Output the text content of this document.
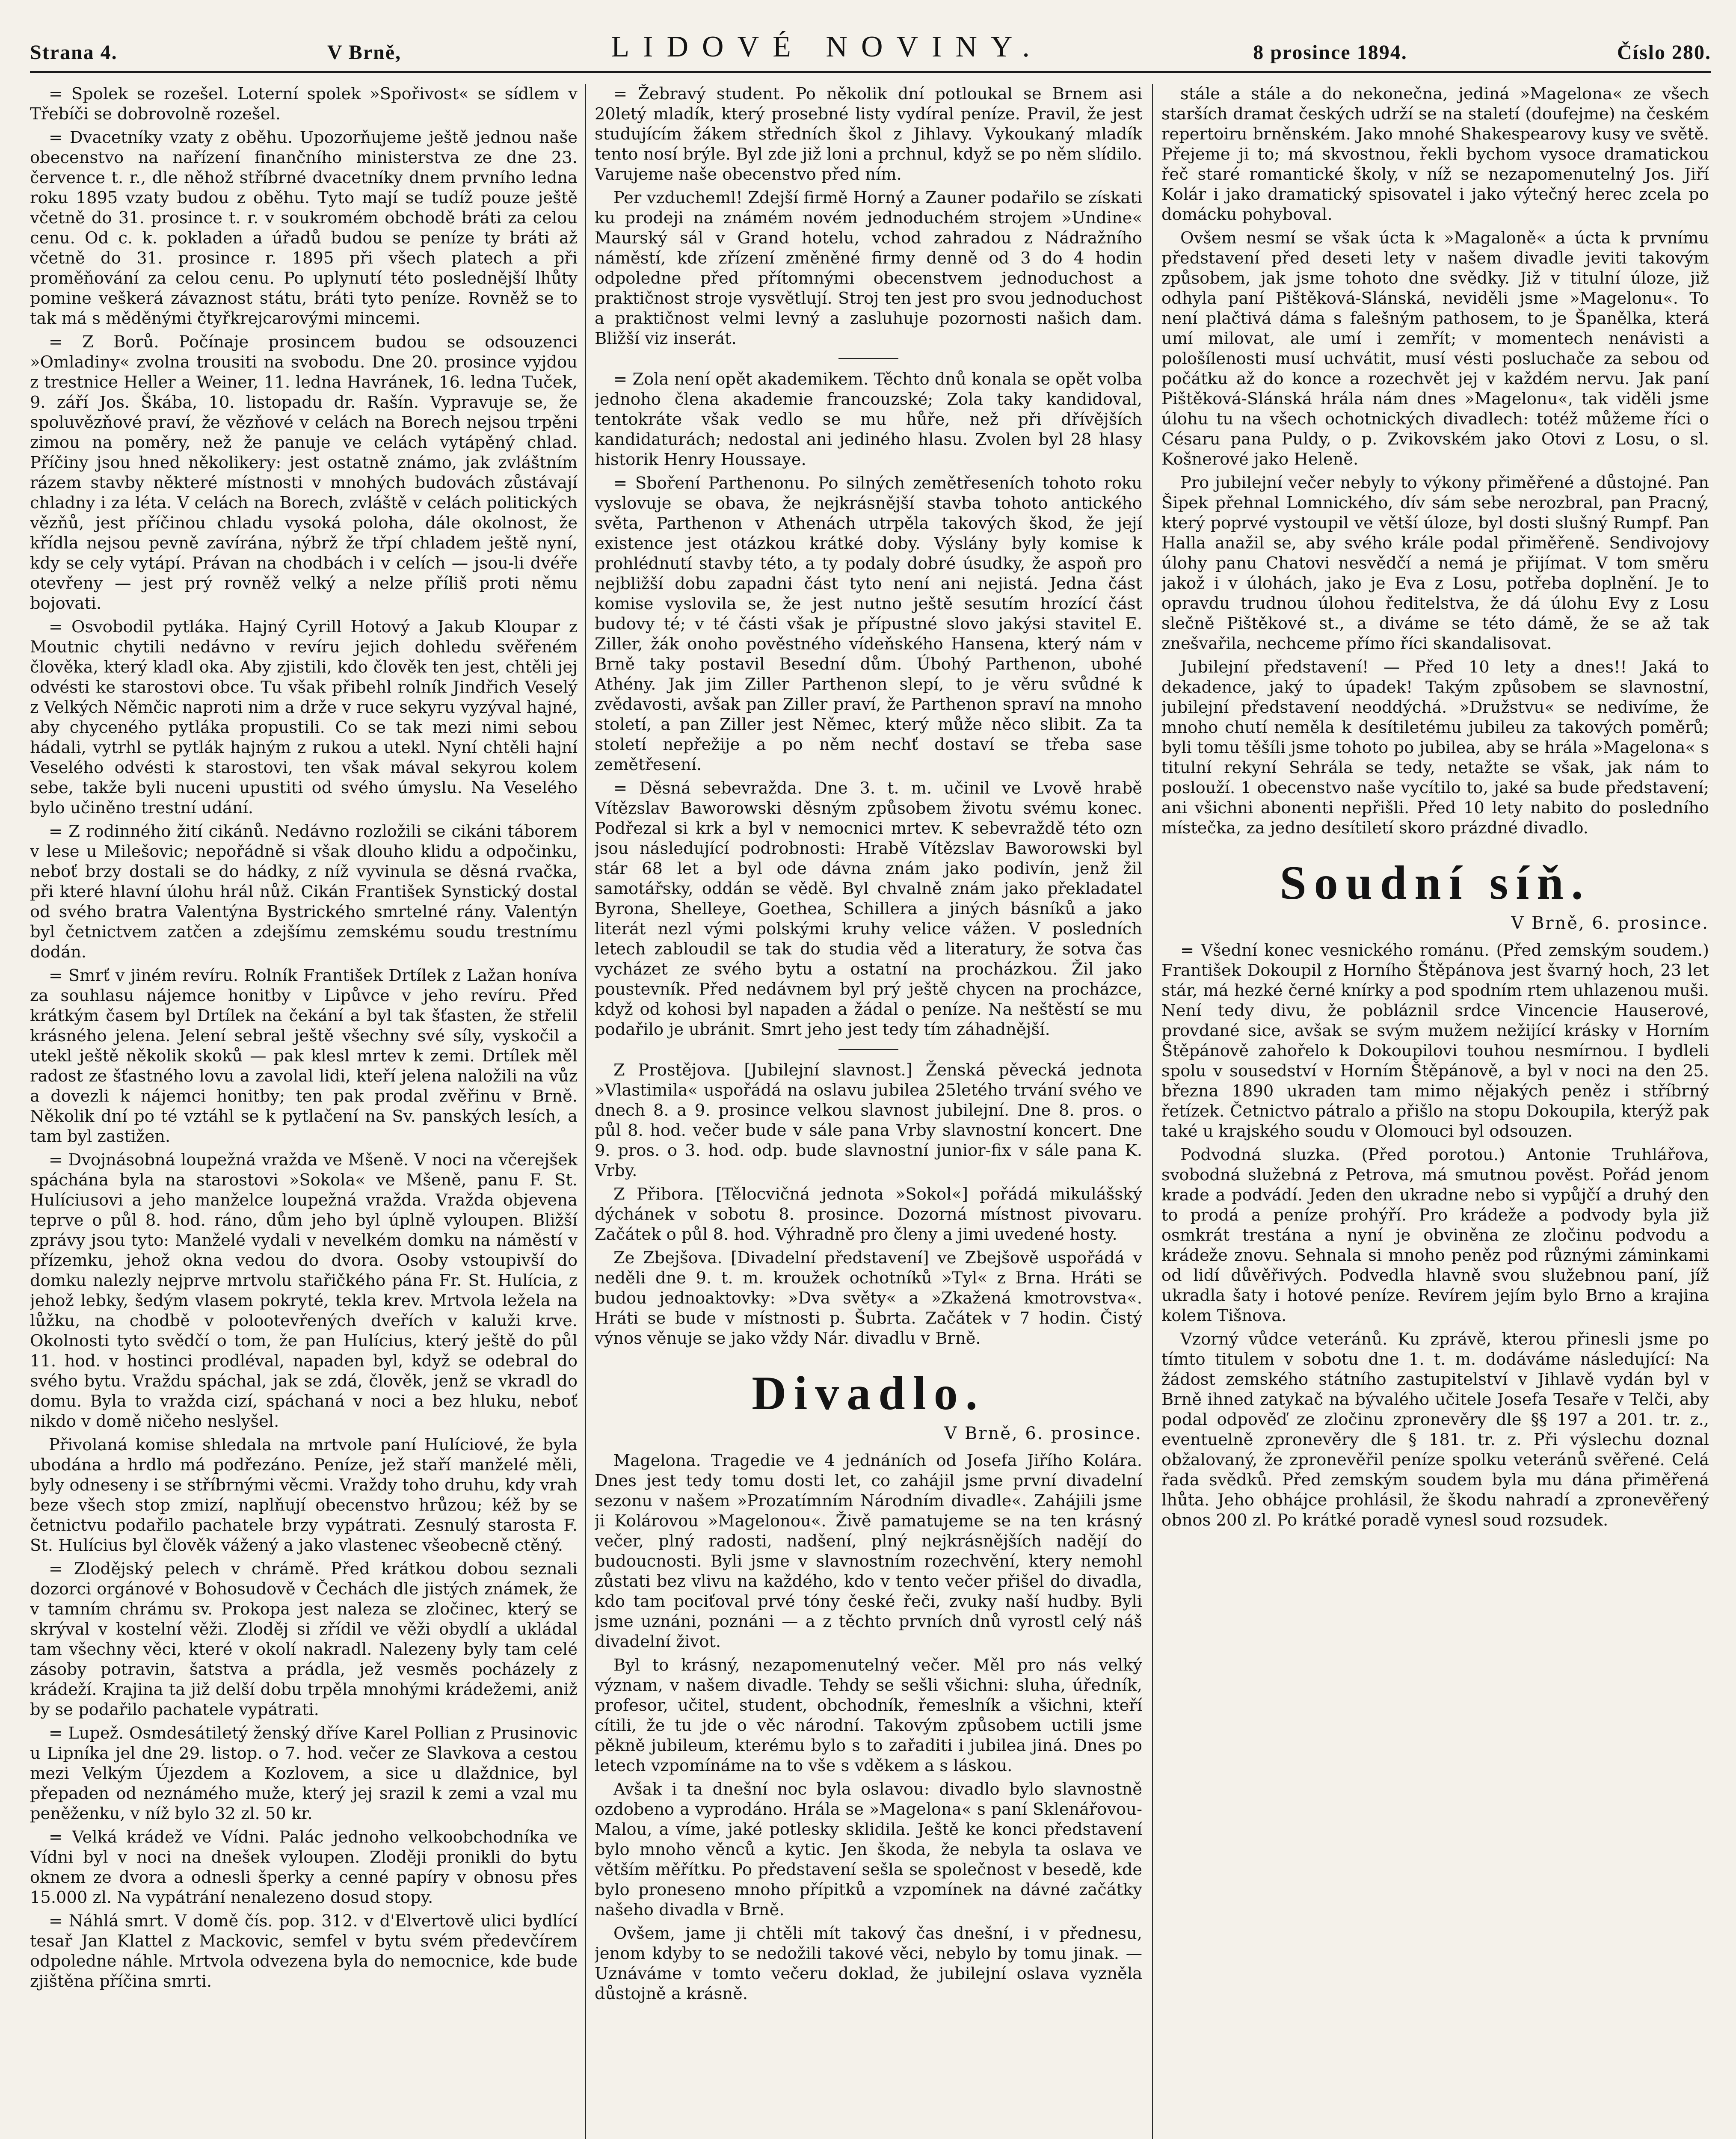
Strana 4.	V Brně,	LIDOVÉ NOVINY.	8 prosince 1894.	Číslo 280.

= Spolek se rozešel. Loterní spolek »Spořivost« se sídlem v Třebíči se dobrovolně rozešel.

= Dvacetníky vzaty z oběhu. Upozorňujeme ještě jednou naše obecenstvo na nařízení finančního ministerstva ze dne 23. července t. r., dle něhož stříbrné dvacetníky dnem prvního ledna roku 1895 vzaty budou z oběhu. Tyto mají se tudíž pouze ještě včetně do 31. prosince t. r. v soukromém obchodě bráti za celou cenu. Od c. k. pokladen a úřadů budou se peníze ty bráti až včetně do 31. prosince r. 1895 při všech platech a při proměňování za celou cenu. Po uplynutí této poslednější lhůty pomine veškerá závaznost státu, bráti tyto peníze. Rovněž se to tak má s měděnými čtyřkrejcarovými mincemi.

= Z Borů. Počínaje prosincem budou se odsouzenci »Omladiny« zvolna trousiti na svobodu. Dne 20. prosince vyjdou z trestnice Heller a Weiner, 11. ledna Havránek, 16. ledna Tuček, 9. září Jos. Škába, 10. listopadu dr. Rašín. Vypravuje se, že spoluvězňové praví, že vězňové v celách na Borech nejsou trpěni zimou na poměry, než že panuje ve celách vytápěný chlad. Příčiny jsou hned několikery: jest ostatně známo, jak zvláštním rázem stavby některé místnosti v mnohých budovách zůstávají chladny i za léta. V celách na Borech, zvláště v celách politických vězňů, jest příčinou chladu vysoká poloha, dále okolnost, že křídla nejsou pevně zavírána, nýbrž že třpí chladem ještě nyní, kdy se cely vytápí. Právan na chodbách i v celích — jsou-li dvéře otevřeny — jest prý rovněž velký a nelze příliš proti němu bojovati.

= Osvobodil pytláka. Hajný Cyrill Hotový a Jakub Kloupar z Moutnic chytili nedávno v revíru jejich dohledu svěřeném člověka, který kladl oka. Aby zjistili, kdo člověk ten jest, chtěli jej odvésti ke starostovi obce. Tu však přibehl rolník Jindřich Veselý z Velkých Němčic naproti nim a drže v ruce sekyru vyzýval hajné, aby chyceného pytláka propustili. Co se tak mezi nimi sebou hádali, vytrhl se pytlák hajným z rukou a utekl. Nyní chtěli hajní Veselého odvésti k starostovi, ten však mával sekyrou kolem sebe, takže byli nuceni upustiti od svého úmyslu. Na Veselého bylo učiněno trestní udání.

= Z rodinného žití cikánů. Nedávno rozložili se cikáni táborem v lese u Milešovic; nepořádně si však dlouho klidu a odpočinku, neboť brzy dostali se do hádky, z níž vyvinula se děsná rvačka, při které hlavní úlohu hrál nůž. Cikán František Synstický dostal od svého bratra Valentýna Bystrického smrtelné rány. Valentýn byl četnictvem zatčen a zdejšímu zemskému soudu trestnímu dodán.

= Smrť v jiném revíru. Rolník František Drtílek z Lažan honíva za souhlasu nájemce honitby v Lipůvce v jeho revíru. Před krátkým časem byl Drtílek na čekání a byl tak šťasten, že střelil krásného jelena. Jelení sebral ještě všechny své síly, vyskočil a utekl ještě několik skoků — pak klesl mrtev k zemi. Drtílek měl radost ze šťastného lovu a zavolal lidi, kteří jelena naložili na vůz a dovezli k nájemci honitby; ten pak prodal zvěřinu v Brně. Několik dní po té vztáhl se k pytlačení na Sv. panských lesích, a tam byl zastižen.

= Dvojnásobná loupežná vražda ve Mšeně. V noci na včerejšek spáchána byla na starostovi »Sokola« ve Mšeně, panu F. St. Hulíciusovi a jeho manželce loupežná vražda. Vražda objevena teprve o půl 8. hod. ráno, dům jeho byl úplně vyloupen. Bližší zprávy jsou tyto: Manželé vydali v nevelkém domku na náměstí v přízemku, jehož okna vedou do dvora. Osoby vstoupivší do domku nalezly nejprve mrtvolu stařičkého pána Fr. St. Hulícia, z jehož lebky, šedým vlasem pokryté, tekla krev. Mrtvola ležela na lůžku, na chodbě v polootevřených dveřích v kaluži krve. Okolnosti tyto svědčí o tom, že pan Hulícius, který ještě do půl 11. hod. v hostinci prodléval, napaden byl, když se odebral do svého bytu. Vraždu spáchal, jak se zdá, člověk, jenž se vkradl do domu. Byla to vražda cizí, spáchaná v noci a bez hluku, neboť nikdo v domě ničeho neslyšel.

Přivolaná komise shledala na mrtvole paní Hulíciové, že byla ubodána a hrdlo má podřezáno. Peníze, jež staří manželé měli, byly odneseny i se stříbrnými věcmi. Vraždy toho druhu, kdy vrah beze všech stop zmizí, naplňují obecenstvo hrůzou; kéž by se četnictvu podařilo pachatele brzy vypátrati. Zesnulý starosta F. St. Hulícius byl člověk vážený a jako vlastenec všeobecně ctěný.

= Zlodějský pelech v chrámě. Před krátkou dobou seznali dozorci orgánové v Bohosudově v Čechách dle jistých známek, že v tamním chrámu sv. Prokopa jest naleza se zločinec, který se skrýval v kostelní věži. Zloděj si zřídil ve věži obydlí a ukládal tam všechny věci, které v okolí nakradl. Nalezeny byly tam celé zásoby potravin, šatstva a prádla, jež vesměs pocházely z krádeží. Krajina ta již delší dobu trpěla mnohými krádežemi, aniž by se podařilo pachatele vypátrati.

= Lupež. Osmdesátiletý ženský dříve Karel Pollian z Prusinovic u Lipníka jel dne 29. listop. o 7. hod. večer ze Slavkova a cestou mezi Velkým Újezdem a Kozlovem, a sice u dlaždnice, byl přepaden od neznámého muže, který jej srazil k zemi a vzal mu peněženku, v níž bylo 32 zl. 50 kr.

= Velká krádež ve Vídni. Palác jednoho velkoobchodníka ve Vídni byl v noci na dnešek vyloupen. Zloději pronikli do bytu oknem ze dvora a odnesli šperky a cenné papíry v obnosu přes 15.000 zl. Na vypátrání nenalezeno dosud stopy.

= Náhlá smrt. V domě čís. pop. 312. v d'Elvertově ulici bydlící tesař Jan Klattel z Mackovic, semfel v bytu svém předevčírem odpoledne náhle. Mrtvola odvezena byla do nemocnice, kde bude zjištěna příčina smrti.

= Žebravý student. Po několik dní potloukal se Brnem asi 20letý mladík, který prosebné listy vydíral peníze. Pravil, že jest studujícím žákem středních škol z Jihlavy. Vykoukaný mladík tento nosí brýle. Byl zde již loni a prchnul, když se po něm slídilo. Varujeme naše obecenstvo před ním.

Per vzducheml! Zdejší firmě Horný a Zauner podařilo se získati ku prodeji na známém novém jednoduchém strojem »Undine« Maurský sál v Grand hotelu, vchod zahradou z Nádražního náměstí, kde zřízení změněné firmy denně od 3 do 4 hodin odpoledne před přítomnými obecenstvem jednoduchost a praktičnost stroje vysvětlují. Stroj ten jest pro svou jednoduchost a praktičnost velmi levný a zasluhuje pozornosti našich dam. Bližší viz inserát.

= Zola není opět akademikem. Těchto dnů konala se opět volba jednoho člena akademie francouzské; Zola taky kandidoval, tentokráte však vedlo se mu hůře, než při dřívějších kandidaturách; nedostal ani jediného hlasu. Zvolen byl 28 hlasy historik Henry Houssaye.

= Sboření Parthenonu. Po silných zemětřeseních tohoto roku vyslovuje se obava, že nejkrásnější stavba tohoto antického světa, Parthenon v Athenách utrpěla takových škod, že její existence jest otázkou krátké doby. Výslány byly komise k prohlédnutí stavby této, a ty podaly dobré úsudky, že aspoň pro nejbližší dobu zapadni část tyto není ani nejistá. Jedna část komise vyslovila se, že jest nutno ještě sesutím hrozící část budovy té; v té části však je přípustné slovo jakýsi stavitel E. Ziller, žák onoho pověstného vídeňského Hansena, který nám v Brně taky postavil Besední dům. Úbohý Parthenon, ubohé Athény. Jak jim Ziller Parthenon slepí, to je věru svůdné k zvědavosti, avšak pan Ziller praví, že Parthenon spraví na mnoho století, a pan Ziller jest Němec, který může něco slibit. Za ta století nepřežije a po něm nechť dostaví se třeba sase zemětřesení.

= Děsná sebevražda. Dne 3. t. m. učinil ve Lvově hrabě Vítězslav Baworowski děsným způsobem životu svému konec. Podřezal si krk a byl v nemocnici mrtev. K sebevraždě této ozn jsou následující podrobnosti: Hrabě Vítězslav Baworowski byl stár 68 let a byl ode dávna znám jako podivín, jenž žil samotářsky, oddán se vědě. Byl chvalně znám jako překladatel Byrona, Shelleye, Goethea, Schillera a jiných básníků a jako literát nezl vými polskými kruhy velice vážen. V posledních letech zabloudil se tak do studia věd a literatury, že sotva čas vycházet ze svého bytu a ostatní na procházkou. Žil jako poustevník. Před nedávnem byl prý ještě chycen na procházce, když od kohosi byl napaden a žádal o peníze. Na neštěstí se mu podařilo je ubránit. Smrt jeho jest tedy tím záhadnější.

Z Prostějova. [Jubilejní slavnost.] Ženská pěvecká jednota »Vlastimila« uspořádá na oslavu jubilea 25letého trvání svého ve dnech 8. a 9. prosince velkou slavnost jubilejní. Dne 8. pros. o půl 8. hod. večer bude v sále pana Vrby slavnostní koncert. Dne 9. pros. o 3. hod. odp. bude slavnostní junior-fix v sále pana K. Vrby.

Z Přibora. [Tělocvičná jednota »Sokol«] pořádá mikulášský dýchánek v sobotu 8. prosince. Dozorná místnost pivovaru. Začátek o půl 8. hod. Výhradně pro členy a jimi uvedené hosty.

Ze Zbejšova. [Divadelní představení] ve Zbejšově uspořádá v neděli dne 9. t. m. kroužek ochotníků »Tyl« z Brna. Hráti se budou jednoaktovky: »Dva světy« a »Zkažená kmotrovstva«. Hráti se bude v místnosti p. Šubrta. Začátek v 7 hodin. Čistý výnos věnuje se jako vždy Nár. divadlu v Brně.

Divadlo.
V Brně, 6. prosince.

Magelona. Tragedie ve 4 jednáních od Josefa Jiřího Kolára. Dnes jest tedy tomu dosti let, co zahájil jsme první divadelní sezonu v našem »Prozatímním Národním divadle«. Zahájili jsme ji Kolárovou »Magelonou«. Živě pamatujeme se na ten krásný večer, plný radosti, nadšení, plný nejkrásnějších nadějí do budoucnosti. Byli jsme v slavnostním rozechvění, ktery nemohl zůstati bez vlivu na každého, kdo v tento večer přišel do divadla, kdo tam pociťoval prvé tóny české řeči, zvuky naší hudby. Byli jsme uznáni, poznáni — a z těchto prvních dnů vyrostl celý náš divadelní život.

Byl to krásný, nezapomenutelný večer. Měl pro nás velký význam, v našem divadle. Tehdy se sešli všichni: sluha, úředník, profesor, učitel, student, obchodník, řemeslník a všichni, kteří cítili, že tu jde o věc národní. Takovým způsobem uctili jsme pěkně jubileum, kterému bylo s to zařaditi i jubilea jiná. Dnes po letech vzpomínáme na to vše s vděkem a s láskou.

Avšak i ta dnešní noc byla oslavou: divadlo bylo slavnostně ozdobeno a vyprodáno. Hrála se »Magelona« s paní Sklenářovou-Malou, a víme, jaké potlesky sklidila. Ještě ke konci představení bylo mnoho věnců a kytic. Jen škoda, že nebyla ta oslava ve větším měřítku. Po představení sešla se společnost v besedě, kde bylo proneseno mnoho přípitků a vzpomínek na dávné začátky našeho divadla v Brně.

Ovšem, jame ji chtěli mít takový čas dnešní, i v přednesu, jenom kdyby to se nedožili takové věci, nebylo by tomu jinak. — Uznáváme v tomto večeru doklad, že jubilejní oslava vyzněla důstojně a krásně.

stále a stále a do nekonečna, jediná »Magelona« ze všech starších dramat českých udrží se na staletí (doufejme) na českém repertoiru brněnském. Jako mnohé Shakespearovy kusy ve světě. Přejeme ji to; má skvostnou, řekli bychom vysoce dramatickou řeč staré romantické školy, v níž se nezapomenutelný Jos. Jiří Kolár i jako dramatický spisovatel i jako výtečný herec zcela po domácku pohyboval.

Ovšem nesmí se však úcta k »Magaloně« a úcta k prvnímu představení před deseti lety v našem divadle jeviti takovým způsobem, jak jsme tohoto dne svědky. Již v titulní úloze, již odhyla paní Pištěková-Slánská, neviděli jsme »Magelonu«. To není plačtivá dáma s falešným pathosem, to je Španělka, která umí milovat, ale umí i zemřít; v momentech nenávisti a pološílenosti musí uchvátit, musí vésti posluchače za sebou od počátku až do konce a rozechvět jej v každém nervu. Jak paní Pištěková-Slánská hrála nám dnes »Magelonu«, tak viděli jsme úlohu tu na všech ochotnických divadlech: totéž můžeme říci o Césaru pana Puldy, o p. Zvikovském jako Otovi z Losu, o sl. Košnerové jako Heleně.

Pro jubilejní večer nebyly to výkony přiměřené a důstojné. Pan Šipek přehnal Lomnického, dív sám sebe nerozbral, pan Pracný, který poprvé vystoupil ve větší úloze, byl dosti slušný Rumpf. Pan Halla anažil se, aby svého krále podal přiměřeně. Sendivojovy úlohy panu Chatovi nesvědčí a nemá je přijímat. V tom směru jakož i v úlohách, jako je Eva z Losu, potřeba doplnění. Je to opravdu trudnou úlohou ředitelstva, že dá úlohu Evy z Losu slečně Pištěkové st., a diváme se této dámě, že se až tak znešvařila, nechceme přímo říci skandalisovat.

Jubilejní představení! — Před 10 lety a dnes!! Jaká to dekadence, jaký to úpadek! Takým způsobem se slavnostní, jubilejní představení neoddýchá. »Družstvu« se nedivíme, že mnoho chutí neměla k desítiletému jubileu za takových poměrů; byli tomu těšíli jsme tohoto po jubilea, aby se hrála »Magelona« s titulní rekyní Sehrála se tedy, netažte se však, jak nám to poslouží. 1 obecenstvo naše vycítilo to, jaké sa bude představení; ani všichni abonenti nepřišli. Před 10 lety nabito do posledního místečka, za jedno desítiletí skoro prázdné divadlo.

Soudní síň.
V Brně, 6. prosince.

= Všední konec vesnického románu. (Před zemským soudem.) František Dokoupil z Horního Štěpánova jest švarný hoch, 23 let stár, má hezké černé knírky a pod spodním rtem uhlazenou muši. Není tedy divu, že pobláznil srdce Vincencie Hauserové, provdané sice, avšak se svým mužem nežijící krásky v Horním Štěpánově zahořelo k Dokoupilovi touhou nesmírnou. I bydleli spolu v sousedství v Horním Štěpánově, a byl v noci na den 25. března 1890 ukraden tam mimo nějakých peněz i stříbrný řetízek. Četnictvo pátralo a přišlo na stopu Dokoupila, kterýž pak také u krajského soudu v Olomouci byl odsouzen.

Podvodná sluzka. (Před porotou.) Antonie Truhlářova, svobodná služebná z Petrova, má smutnou pověst. Pořád jenom krade a podvádí. Jeden den ukradne nebo si vypůjčí a druhý den to prodá a peníze prohýří. Pro krádeže a podvody byla již osmkrát trestána a nyní je obviněna ze zločinu podvodu a krádeže znovu. Sehnala si mnoho peněz pod různými záminkami od lidí důvěřivých. Podvedla hlavně svou služebnou paní, jíž ukradla šaty i hotové peníze. Revírem jejím bylo Brno a krajina kolem Tišnova.

Vzorný vůdce veteránů. Ku zprávě, kterou přinesli jsme po tímto titulem v sobotu dne 1. t. m. dodáváme následující: Na žádost zemského státního zastupitelství v Jihlavě vydán byl v Brně ihned zatykač na bývalého učitele Josefa Tesaře v Telči, aby podal odpověď ze zločinu zpronevěry dle §§ 197 a 201. tr. z., eventuelně zpronevěry dle § 181. tr. z. Při výslechu doznal obžalovaný, že zpronevěřil peníze spolku veteránů svěřené. Celá řada svědků. Před zemským soudem byla mu dána přiměřená lhůta. Jeho obhájce prohlásil, že škodu nahradí a zpronevěřený obnos 200 zl. Po krátké poradě vynesl soud rozsudek.
